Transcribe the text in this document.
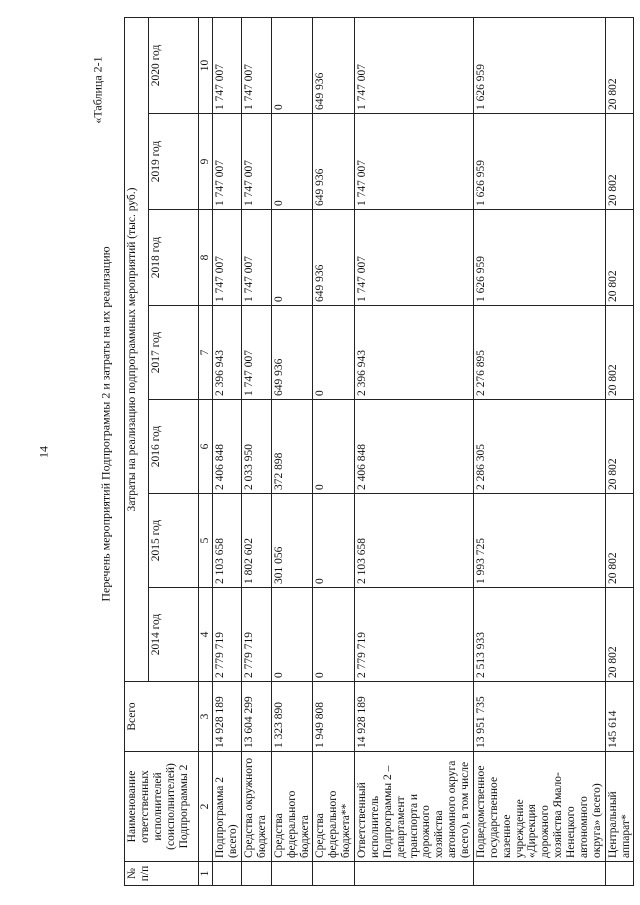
14	Перечень мероприятий Подпрограммы 2 и затраты на их реализацию
«Таблица 2-1
№ п/п	Наименование ответственных исполнителей (соисполнителей) Подпрограммы 2	Всего	Затраты на реализацию подпрограммных мероприятий (тыс. руб.)						
			2014 год	2015 год	2016 год	2017 год	2018 год	2019 год	2020 год
1	2	3	4	5	6	7	8	9	10
	Подпрограмма 2 (всего)	14 928 189	2 779 719	2 103 658	2 406 848	2 396 943	1 747 007	1 747 007	1 747 007
	Средства окружного бюджета	13 604 299	2 779 719	1 802 602	2 033 950	1 747 007	1 747 007	1 747 007	1 747 007
	Средства федерального бюджета	1 323 890	0	301 056	372 898	649 936	0	0	0
	Средства федерального бюджета**	1 949 808	0	0	0	0	649 936	649 936	649 936
	Ответственный исполнитель Подпрограммы 2 – департамент транспорта и дорожного хозяйства автономного округа (всего), в том числе	14 928 189	2 779 719	2 103 658	2 406 848	2 396 943	1 747 007	1 747 007	1 747 007
	Подведомственное государственное казенное учреждение «Дирекция дорожного хозяйства Ямало-Ненецкого автономного округа» (всего)	13 951 735	2 513 933	1 993 725	2 286 305	2 276 895	1 626 959	1 626 959	1 626 959
	Центральный аппарат*	145 614	20 802	20 802	20 802	20 802	20 802	20 802	20 802
